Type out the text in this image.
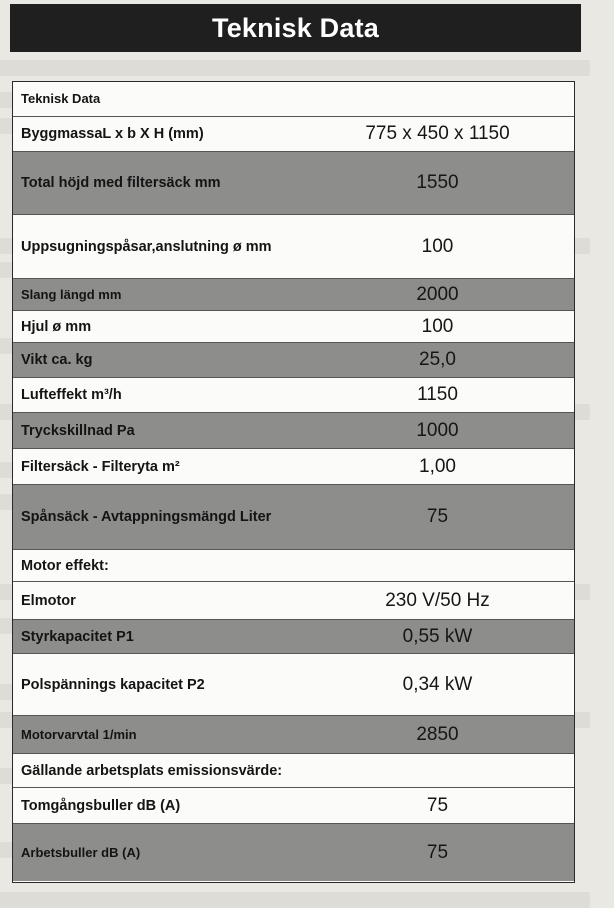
Teknisk Data
Teknisk Data
ByggmassaL x b X H (mm)	775 x 450 x 1150
Total höjd med filtersäck mm	1550
Uppsugningspåsar,anslutning ø mm	100
Slang längd mm	2000
Hjul ø mm	100
Vikt ca. kg	25,0
Lufteffekt m³/h	1150
Tryckskillnad Pa	1000
Filtersäck - Filteryta m²	1,00
Spånsäck - Avtappningsmängd Liter	75
Motor effekt:
Elmotor	230 V/50 Hz
Styrkapacitet P1	0,55 kW
Polspännings kapacitet P2	0,34 kW
Motorvarvtal 1/min	2850
Gällande arbetsplats emissionsvärde:
Tomgångsbuller dB (A)	75
Arbetsbuller dB (A)	75
